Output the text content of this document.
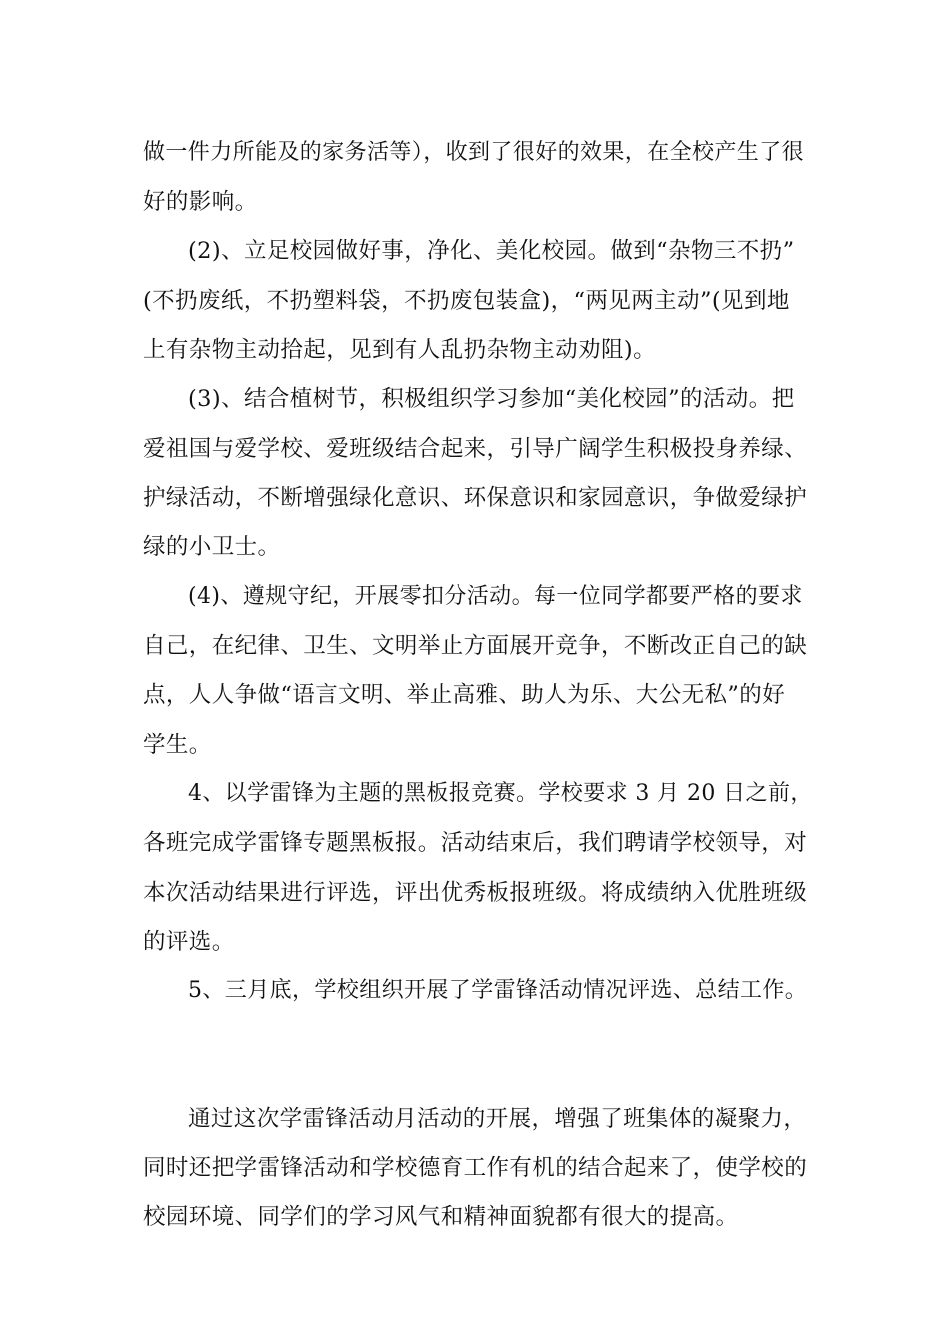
做一件力所能及的家务活等），收到了很好的效果，在全校产生了很
好的影响。
(2)、立足校园做好事，净化、美化校园。做到“杂物三不扔”
(不扔废纸，不扔塑料袋，不扔废包装盒)，“两见两主动”(见到地
上有杂物主动拾起，见到有人乱扔杂物主动劝阻)。
(3)、结合植树节，积极组织学习参加“美化校园”的活动。把
爱祖国与爱学校、爱班级结合起来，引导广阔学生积极投身养绿、
护绿活动，不断增强绿化意识、环保意识和家园意识，争做爱绿护
绿的小卫士。
(4)、遵规守纪，开展零扣分活动。每一位同学都要严格的要求
自己，在纪律、卫生、文明举止方面展开竞争，不断改正自己的缺
点，人人争做“语言文明、举止高雅、助人为乐、大公无私”的好
学生。
4、以学雷锋为主题的黑板报竞赛。学校要求 3 月 20 日之前，
各班完成学雷锋专题黑板报。活动结束后，我们聘请学校领导，对
本次活动结果进行评选，评出优秀板报班级。将成绩纳入优胜班级
的评选。
5、三月底，学校组织开展了学雷锋活动情况评选、总结工作。
通过这次学雷锋活动月活动的开展，增强了班集体的凝聚力，
同时还把学雷锋活动和学校德育工作有机的结合起来了，使学校的
校园环境、同学们的学习风气和精神面貌都有很大的提高。
